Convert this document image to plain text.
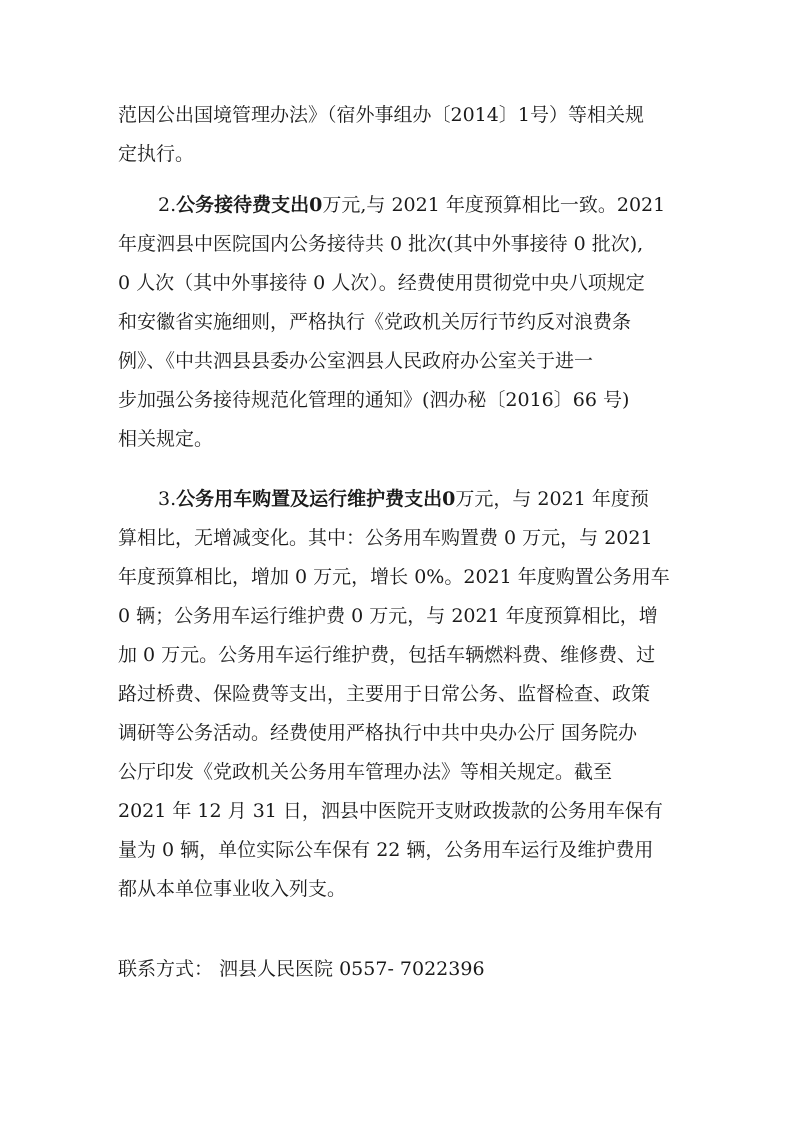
范因公出国境管理办法》（宿外事组办〔2014〕1号）等相关规
定执行。
2.公务接待费支出0万元,与 2021 年度预算相比一致。2021
年度泗县中医院国内公务接待共 0 批次(其中外事接待 0 批次),
0 人次（其中外事接待 0 人次）。经费使用贯彻党中央八项规定
和安徽省实施细则，严格执行《党政机关厉行节约反对浪费条
例》、《中共泗县县委办公室泗县人民政府办公室关于进一
步加强公务接待规范化管理的通知》(泗办秘〔2016〕66 号)
相关规定。
3.公务用车购置及运行维护费支出0万元，与 2021 年度预
算相比，无增减变化。其中：公务用车购置费 0 万元，与 2021
年度预算相比，增加 0 万元，增长 0%。2021 年度购置公务用车
0 辆；公务用车运行维护费 0 万元，与 2021 年度预算相比，增
加 0 万元。公务用车运行维护费，包括车辆燃料费、维修费、过
路过桥费、保险费等支出，主要用于日常公务、监督检查、政策
调研等公务活动。经费使用严格执行中共中央办公厅 国务院办
公厅印发《党政机关公务用车管理办法》等相关规定。截至
2021 年 12 月 31 日，泗县中医院开支财政拨款的公务用车保有
量为 0 辆，单位实际公车保有 22 辆，公务用车运行及维护费用
都从本单位事业收入列支。
联系方式： 泗县人民医院 0557- 7022396
